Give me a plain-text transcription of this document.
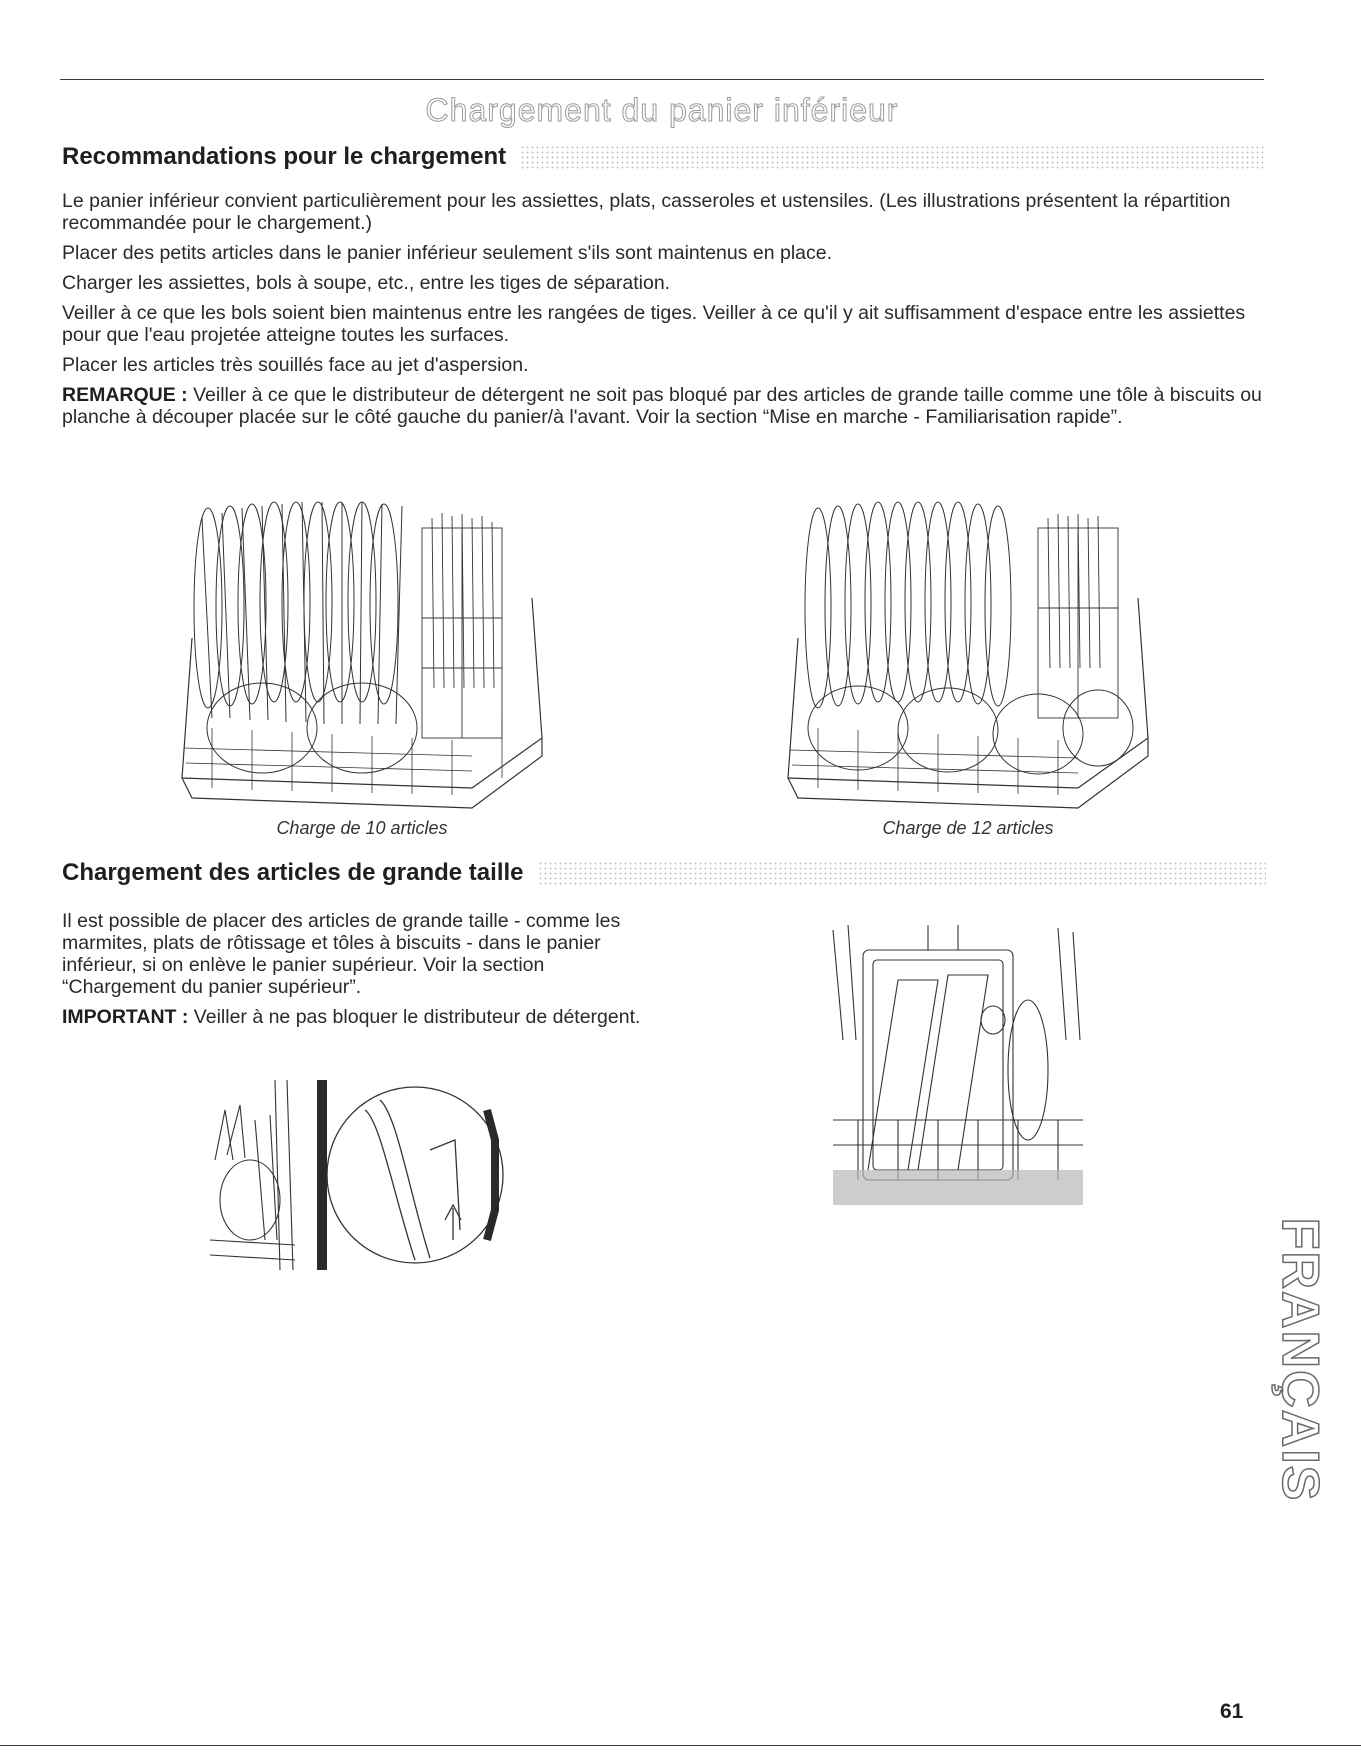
Chargement du panier inférieur
Recommandations pour le chargement

Le panier inférieur convient particulièrement pour les assiettes, plats, casseroles et ustensiles. (Les illustrations présentent la répartition recommandée pour le chargement.)

Placer des petits articles dans le panier inférieur seulement s'ils sont maintenus en place.

Charger les assiettes, bols à soupe, etc., entre les tiges de séparation.

Veiller à ce que les bols soient bien maintenus entre les rangées de tiges. Veiller à ce qu'il y ait suffisamment d'espace entre les assiettes pour que l'eau projetée atteigne toutes les surfaces.

Placer les articles très souillés face au jet d'aspersion.

REMARQUE : Veiller à ce que le distributeur de détergent ne soit pas bloqué par des articles de grande taille comme une tôle à biscuits ou planche à découper placée sur le côté gauche du panier/à l'avant. Voir la section “Mise en marche - Familiarisation rapide”.

Charge de 10 articles	Charge de 12 articles
Chargement des articles de grande taille

Il est possible de placer des articles de grande taille - comme les marmites, plats de rôtissage et tôles à biscuits - dans le panier inférieur, si on enlève le panier supérieur. Voir la section “Chargement du panier supérieur”.

IMPORTANT : Veiller à ne pas bloquer le distributeur de détergent.

FRANÇAIS
61
